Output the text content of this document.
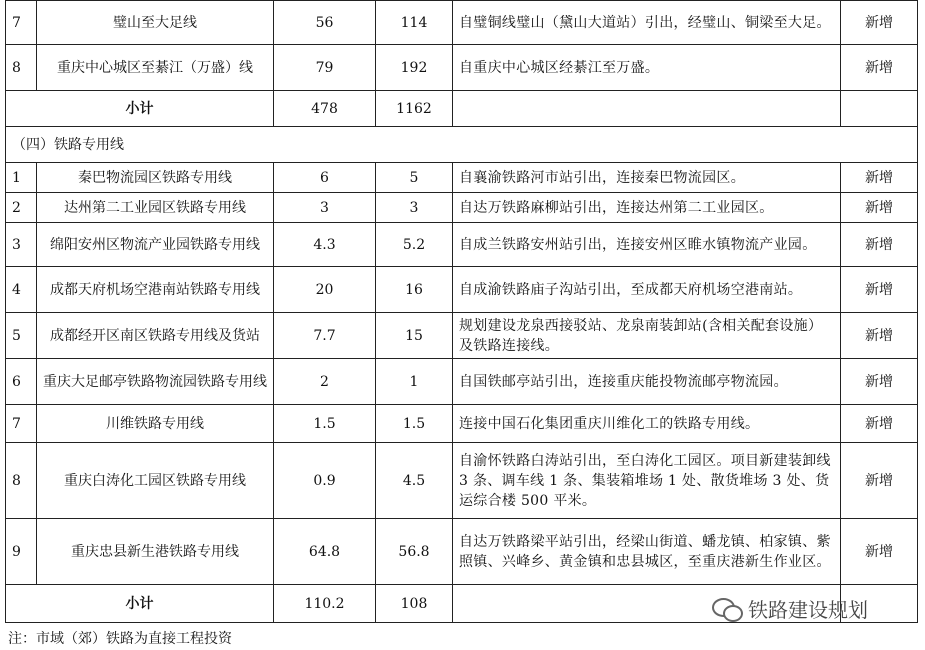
7	璧山至大足线	56	114	自璧铜线璧山（黛山大道站）引出，经璧山、铜梁至大足。	新增
8	重庆中心城区至綦江（万盛）线	79	192	自重庆中心城区经綦江至万盛。	新增
小计		478	1162		
（四）铁路专用线					
1	秦巴物流园区铁路专用线	6	5	自襄渝铁路河市站引出，连接秦巴物流园区。	新增
2	达州第二工业园区铁路专用线	3	3	自达万铁路麻柳站引出，连接达州第二工业园区。	新增
3	绵阳安州区物流产业园铁路专用线	4.3	5.2	自成兰铁路安州站引出，连接安州区睢水镇物流产业园。	新增
4	成都天府机场空港南站铁路专用线	20	16	自成渝铁路庙子沟站引出，至成都天府机场空港南站。	新增
5	成都经开区南区铁路专用线及货站	7.7	15	规划建设龙泉西接驳站、龙泉南装卸站(含相关配套设施）及铁路连接线。	新增
6	重庆大足邮亭铁路物流园铁路专用线	2	1	自国铁邮亭站引出，连接重庆能投物流邮亭物流园。	新增
7	川维铁路专用线	1.5	1.5	连接中国石化集团重庆川维化工的铁路专用线。	新增
8	重庆白涛化工园区铁路专用线	0.9	4.5	自渝怀铁路白涛站引出，至白涛化工园区。项目新建装卸线 3 条、调车线 1 条、集装箱堆场 1 处、散货堆场 3 处、货运综合楼 500 平米。	新增
9	重庆忠县新生港铁路专用线	64.8	56.8	自达万铁路梁平站引出，经梁山街道、蟠龙镇、柏家镇、紫照镇、兴峰乡、黄金镇和忠县城区，至重庆港新生作业区。	新增
小计		110.2	108		
注：市域（郊）铁路为直接工程投资
铁路建设规划
